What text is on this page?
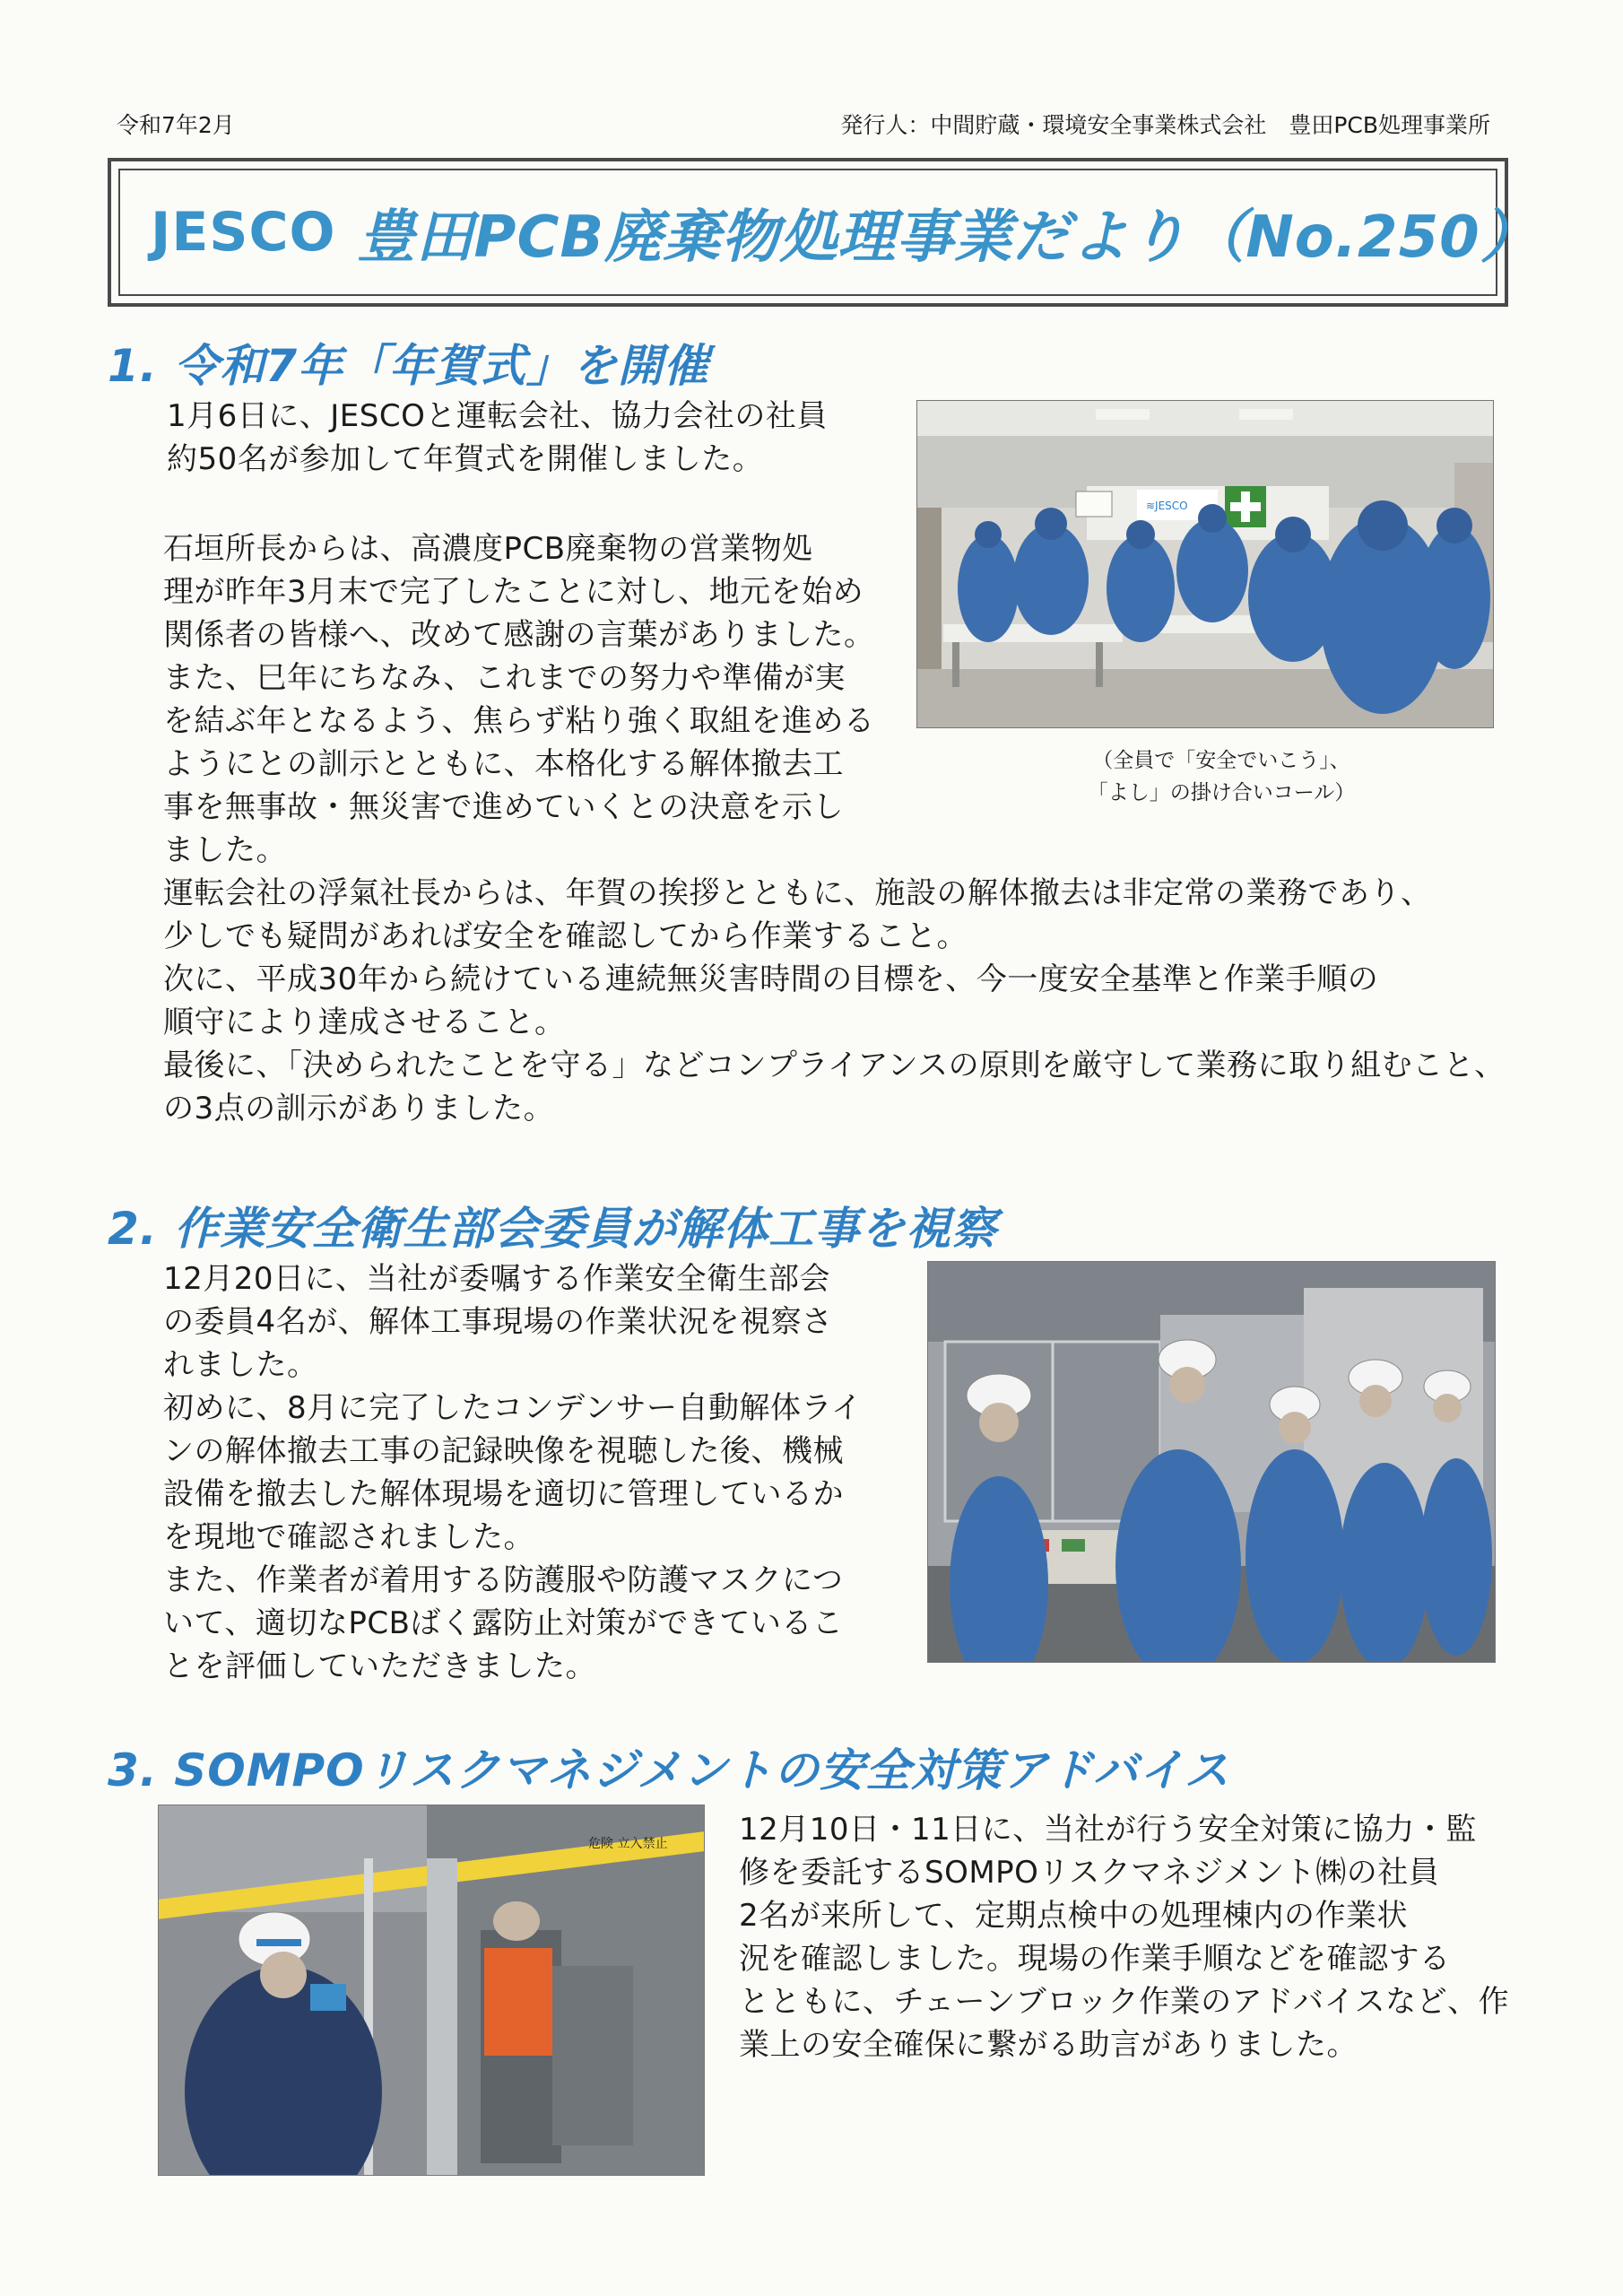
令和7年2月	発行人：中間貯蔵・環境安全事業株式会社　豊田PCB処理事業所
JESCO 豊田PCB廃棄物処理事業だより（No.250）
1. 令和7年「年賀式」を開催

1月6日に、JESCOと運転会社、協力会社の社員
約50名が参加して年賀式を開催しました。

石垣所長からは、高濃度PCB廃棄物の営業物処
理が昨年3月末で完了したことに対し、地元を始め
関係者の皆様へ、改めて感謝の言葉がありました。
また、巳年にちなみ、これまでの努力や準備が実
を結ぶ年となるよう、焦らず粘り強く取組を進める
ようにとの訓示とともに、本格化する解体撤去工
事を無事故・無災害で進めていくとの決意を示し
ました。

運転会社の浮氣社長からは、年賀の挨拶とともに、施設の解体撤去は非定常の業務であり、
少しでも疑問があれば安全を確認してから作業すること。
次に、平成30年から続けている連続無災害時間の目標を、今一度安全基準と作業手順の
順守により達成させること。
最後に、「決められたことを守る」などコンプライアンスの原則を厳守して業務に取り組むこと、
の3点の訓示がありました。

≋JESCO
（全員で「安全でいこう」、
「よし」の掛け合いコール）
2. 作業安全衛生部会委員が解体工事を視察

12月20日に、当社が委嘱する作業安全衛生部会
の委員4名が、解体工事現場の作業状況を視察さ
れました。
初めに、8月に完了したコンデンサー自動解体ライ
ンの解体撤去工事の記録映像を視聴した後、機械
設備を撤去した解体現場を適切に管理しているか
を現地で確認されました。
また、作業者が着用する防護服や防護マスクにつ
いて、適切なPCBばく露防止対策ができているこ
とを評価していただきました。

3. SOMPOリスクマネジメントの安全対策アドバイス
危険 立入禁止 12月10日・11日に、当社が行う安全対策に協力・監
修を委託するSOMPOリスクマネジメント㈱の社員
2名が来所して、定期点検中の処理棟内の作業状
況を確認しました。現場の作業手順などを確認する
とともに、チェーンブロック作業のアドバイスなど、作
業上の安全確保に繋がる助言がありました。
